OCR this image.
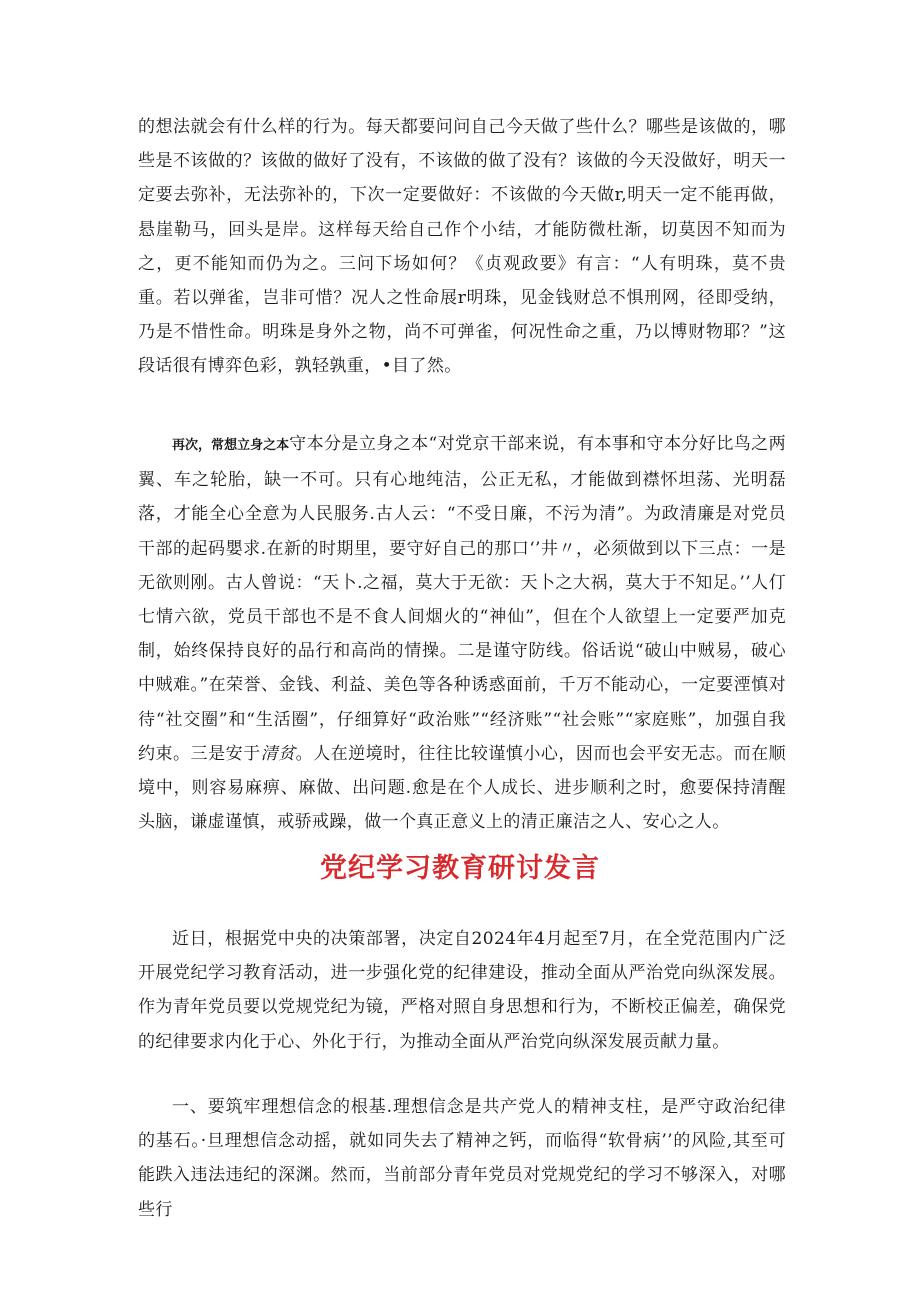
的想法就会有什么样的行为。每天都要问问自己今天做了些什么？哪些是该做的，哪些是不该做的？该做的做好了没有，不该做的做了没有？该做的今天没做好，明天一定要去弥补，无法弥补的，下次一定要做好：不该做的今天做r,明天一定不能再做，悬崖勒马，回头是岸。这样每天给自己作个小结，才能防微杜渐，切莫因不知而为之，更不能知而仍为之。三问下场如何？《贞观政要》有言：“人有明珠，莫不贵重。若以弹雀，岂非可惜？况人之性命展r明珠，见金钱财总不惧刑网，径即受纳，乃是不惜性命。明珠是身外之物，尚不可弹雀，何况性命之重，乃以博财物耶？”这段话很有博弈色彩，孰轻孰重，•目了然。

再次，常想立身之本守本分是立身之本“对党京干部来说，有本事和守本分好比鸟之两翼、车之轮胎，缺一不可。只有心地纯洁，公正无私，才能做到襟怀坦荡、光明磊落，才能全心全意为人民服务.古人云：“不受日廉，不污为清”。为政清廉是对党员干部的起码嬰求.在新的时期里，要守好自己的那口‘’井〃，必须做到以下三点：一是无欲则刚。古人曾说：“天卜.之福，莫大于无欲：天卜之大祸，莫大于不知足。’’人仃七情六欲，党员干部也不是不食人间烟火的“神仙”，但在个人欲望上一定要严加克制，始终保持良好的品行和高尚的情操。二是谨守防线。俗话说“破山中贼易，破心中贼难。”在荣誉、金钱、利益、美色等各种诱惑面前，千万不能动心，一定要湮慎对待“社交圈”和“生活圈”，仔细算好“政治账”“经济账”“社会账”“家庭账”，加强自我约束。三是安于清贫。人在逆境时，往往比较谨慎小心，因而也会平安无志。而在顺境中，则容易麻痹、麻做、出问题.愈是在个人成长、进步顺利之时，愈要保持清醒头脑，谦虚谨慎，戒骄戒躁，做一个真正意义上的清正廉洁之人、安心之人。

党纪学习教育研讨发言

近日，根据党中央的决策部署，决定自2024年4月起至7月，在全党范围内广泛开展党纪学习教育活动，进一步强化党的纪律建设，推动全面从严治党向纵深发展。作为青年党员要以党规党纪为镜，严格对照自身思想和行为，不断校正偏差，确保党的纪律要求内化于心、外化于行，为推动全面从严治党向纵深发展贡献力量。

一、要筑牢理想信念的根基.理想信念是共产党人的精神支柱，是严守政治纪律的基石。·旦理想信念动摇，就如同失去了精神之钙，而临得“软骨病’’的风险,其至可能跌入违法违纪的深渊。然而，当前部分青年党员对党规党纪的学习不够深入，对哪些行
